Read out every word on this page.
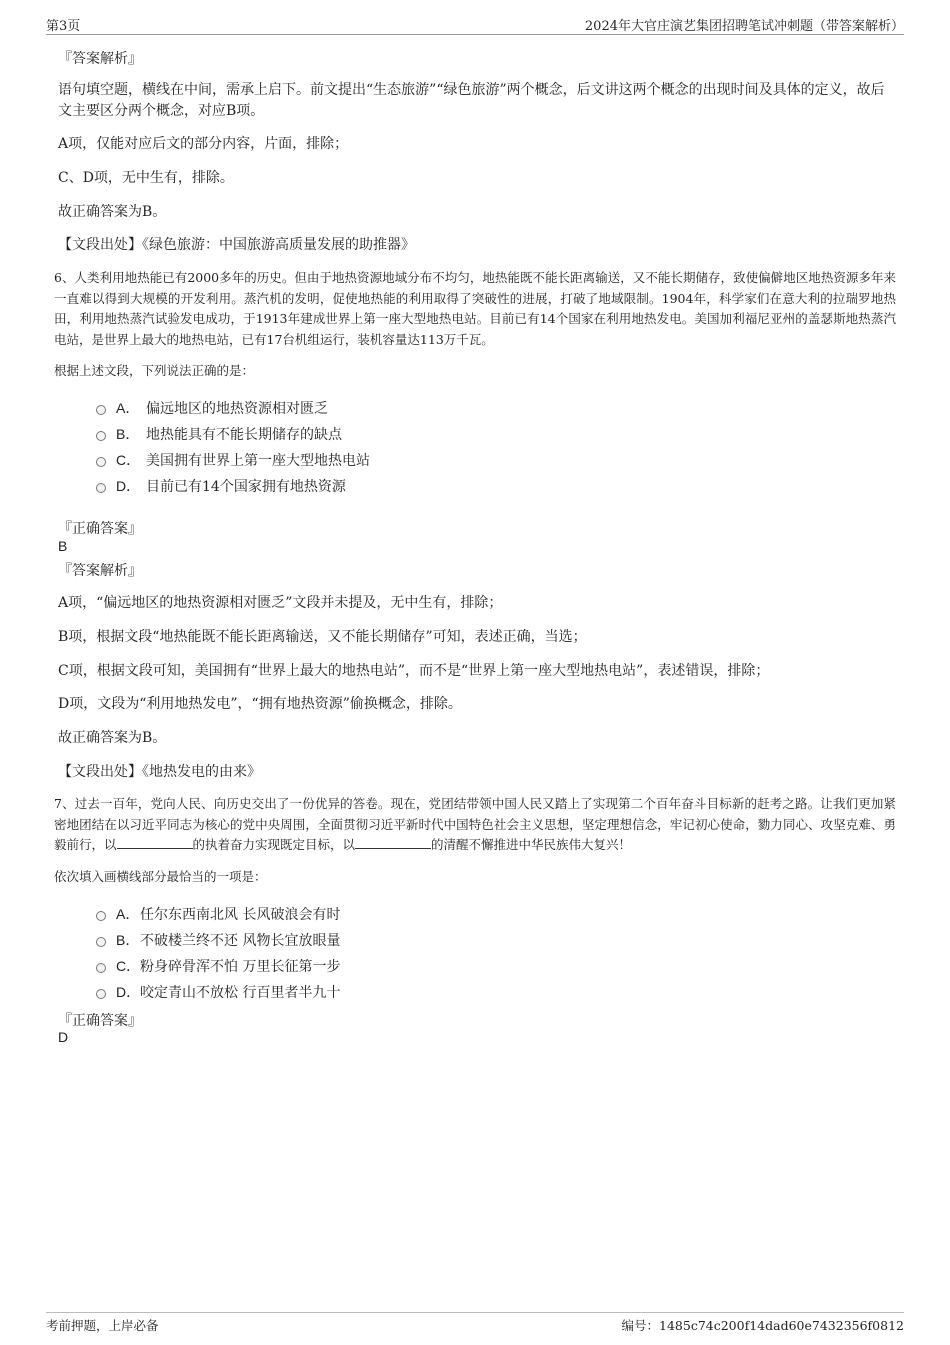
第3页	2024年大官庄演艺集团招聘笔试冲刺题（带答案解析）
『答案解析』
语句填空题，横线在中间，需承上启下。前文提出“生态旅游”“绿色旅游”两个概念，后文讲这两个概念的出现时间及具体的定义，故后文主要区分两个概念，对应B项。
A项，仅能对应后文的部分内容，片面，排除；
C、D项，无中生有，排除。
故正确答案为B。
【文段出处】《绿色旅游：中国旅游高质量发展的助推器》
6、人类利用地热能已有2000多年的历史。但由于地热资源地域分布不均匀，地热能既不能长距离输送，又不能长期储存，致使偏僻地区地热资源多年来一直难以得到大规模的开发利用。蒸汽机的发明，促使地热能的利用取得了突破性的进展，打破了地域限制。1904年，科学家们在意大利的拉瑞罗地热田，利用地热蒸汽试验发电成功，于1913年建成世界上第一座大型地热电站。目前已有14个国家在利用地热发电。美国加利福尼亚州的盖瑟斯地热蒸汽电站，是世界上最大的地热电站，已有17台机组运行，装机容量达113万千瓦。
根据上述文段，下列说法正确的是：
A． 偏远地区的地热资源相对匮乏
B． 地热能具有不能长期储存的缺点
C． 美国拥有世界上第一座大型地热电站
D． 目前已有14个国家拥有地热资源
『正确答案』
B
『答案解析』
A项，“偏远地区的地热资源相对匮乏”文段并未提及，无中生有，排除；
B项，根据文段“地热能既不能长距离输送，又不能长期储存”可知，表述正确，当选；
C项，根据文段可知，美国拥有“世界上最大的地热电站”，而不是“世界上第一座大型地热电站”，表述错误，排除；
D项，文段为“利用地热发电”，“拥有地热资源”偷换概念，排除。
故正确答案为B。
【文段出处】《地热发电的由来》
7、过去一百年，党向人民、向历史交出了一份优异的答卷。现在，党团结带领中国人民又踏上了实现第二个百年奋斗目标新的赶考之路。让我们更加紧密地团结在以习近平同志为核心的党中央周围，全面贯彻习近平新时代中国特色社会主义思想，坚定理想信念，牢记初心使命，勠力同心、攻坚克难、勇毅前行，以	的执着奋力实现既定目标，以	的清醒不懈推进中华民族伟大复兴！
依次填入画横线部分最恰当的一项是：
A．任尔东西南北风 长风破浪会有时
B．不破楼兰终不还 风物长宜放眼量
C．粉身碎骨浑不怕 万里长征第一步
D．咬定青山不放松 行百里者半九十
『正确答案』
D
考前押题，上岸必备	编号：1485c74c200f14dad60e7432356f0812
